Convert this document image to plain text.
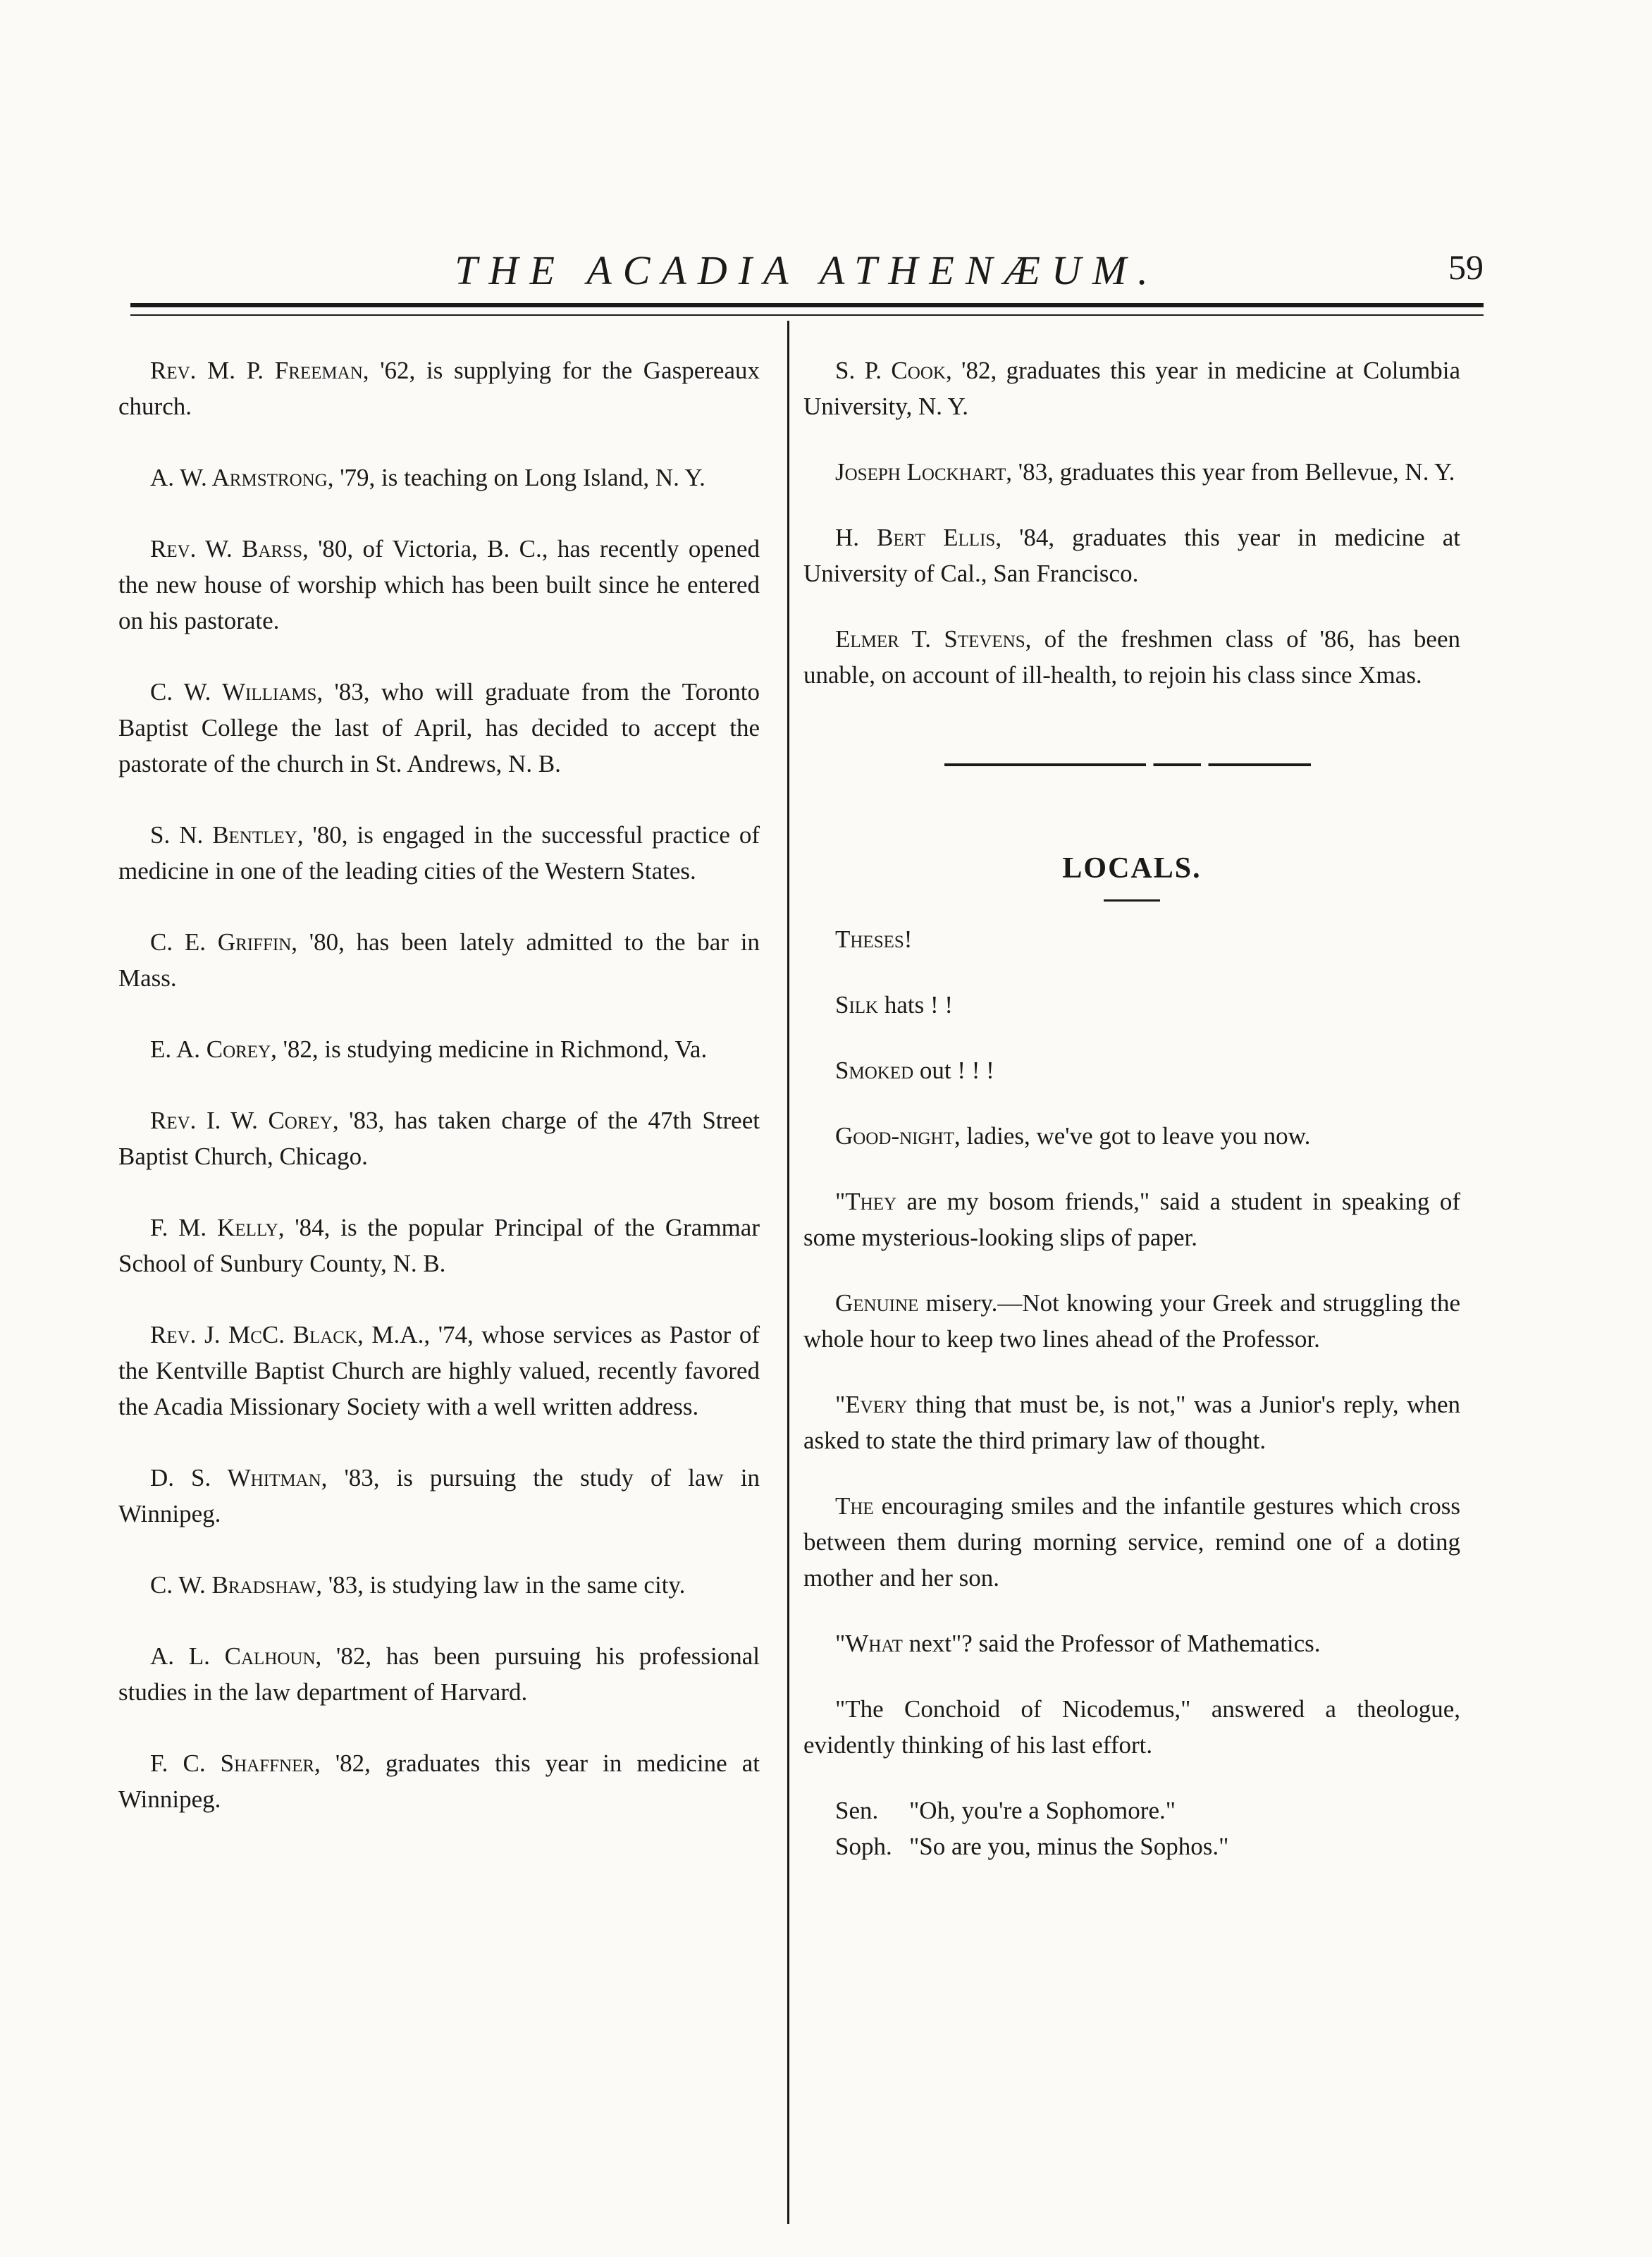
THE ACADIA ATHENÆUM.	59

Rev. M. P. Freeman, '62, is supplying for the Gaspereaux church.

A. W. Armstrong, '79, is teaching on Long Island, N. Y.

Rev. W. Barss, '80, of Victoria, B. C., has recently opened the new house of worship which has been built since he entered on his pastorate.

C. W. Williams, '83, who will graduate from the Toronto Baptist College the last of April, has decided to accept the pastorate of the church in St. Andrews, N. B.

S. N. Bentley, '80, is engaged in the successful practice of medicine in one of the leading cities of the Western States.

C. E. Griffin, '80, has been lately admitted to the bar in Mass.

E. A. Corey, '82, is studying medicine in Richmond, Va.

Rev. I. W. Corey, '83, has taken charge of the 47th Street Baptist Church, Chicago.

F. M. Kelly, '84, is the popular Principal of the Grammar School of Sunbury County, N. B.

Rev. J. McC. Black, M.A., '74, whose services as Pastor of the Kentville Baptist Church are highly valued, recently favored the Acadia Missionary Society with a well written address.

D. S. Whitman, '83, is pursuing the study of law in Winnipeg.

C. W. Bradshaw, '83, is studying law in the same city.

A. L. Calhoun, '82, has been pursuing his professional studies in the law department of Harvard.

F. C. Shaffner, '82, graduates this year in medicine at Winnipeg.

S. P. Cook, '82, graduates this year in medicine at Columbia University, N. Y.

Joseph Lockhart, '83, graduates this year from Bellevue, N. Y.

H. Bert Ellis, '84, graduates this year in medicine at University of Cal., San Francisco.

Elmer T. Stevens, of the freshmen class of '86, has been unable, on account of ill-health, to rejoin his class since Xmas.

LOCALS.

Theses!

Silk hats ! !

Smoked out ! ! !

Good-night, ladies, we've got to leave you now.

"They are my bosom friends," said a student in speaking of some mysterious-looking slips of paper.

Genuine misery.—Not knowing your Greek and struggling the whole hour to keep two lines ahead of the Professor.

"Every thing that must be, is not," was a Junior's reply, when asked to state the third primary law of thought.

The encouraging smiles and the infantile gestures which cross between them during morning service, remind one of a doting mother and her son.

"What next"? said the Professor of Mathematics.

"The Conchoid of Nicodemus," answered a theologue, evidently thinking of his last effort.

Sen. "Oh, you're a Sophomore."

Soph. "So are you, minus the Sophos."
